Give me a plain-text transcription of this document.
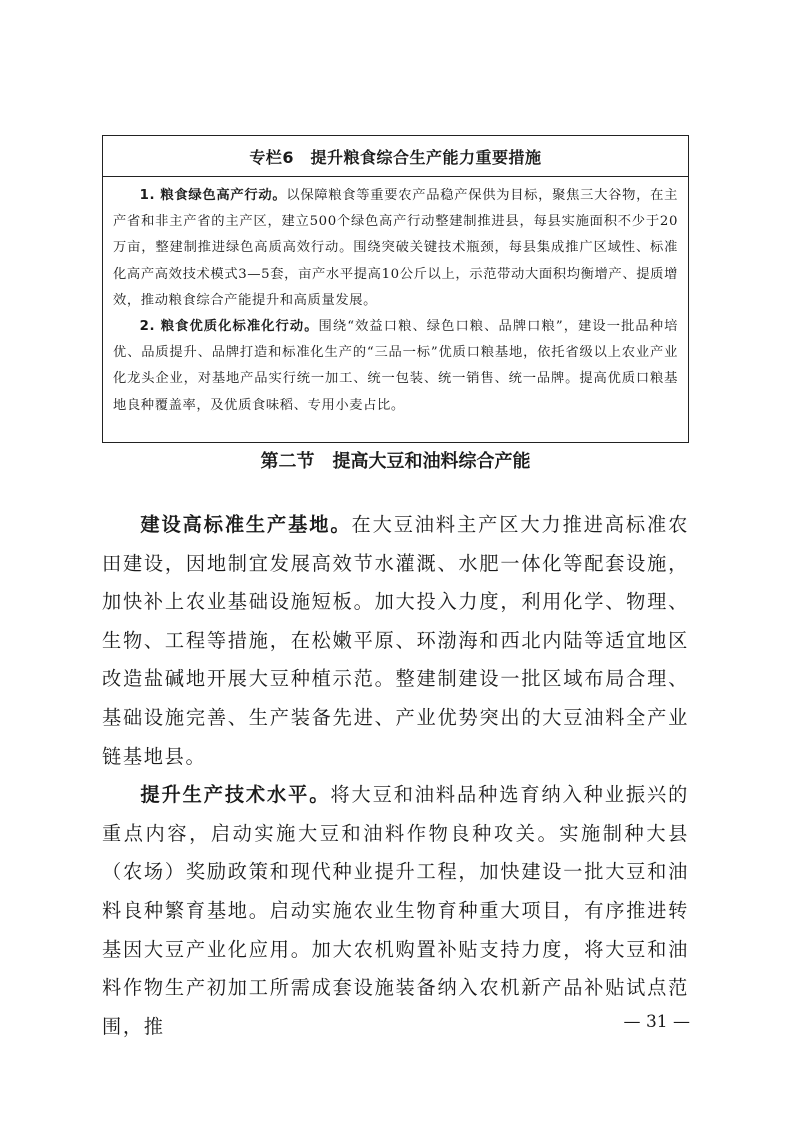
专栏6　提升粮食综合生产能力重要措施

1. 粮食绿色高产行动。以保障粮食等重要农产品稳产保供为目标，聚焦三大谷物，在主产省和非主产省的主产区，建立500个绿色高产行动整建制推进县，每县实施面积不少于20万亩，整建制推进绿色高质高效行动。围绕突破关键技术瓶颈，每县集成推广区域性、标准化高产高效技术模式3—5套，亩产水平提高10公斤以上，示范带动大面积均衡增产、提质增效，推动粮食综合产能提升和高质量发展。

2. 粮食优质化标准化行动。围绕“效益口粮、绿色口粮、品牌口粮”，建设一批品种培优、品质提升、品牌打造和标准化生产的“三品一标”优质口粮基地，依托省级以上农业产业化龙头企业，对基地产品实行统一加工、统一包装、统一销售、统一品牌。提高优质口粮基地良种覆盖率，及优质食味稻、专用小麦占比。

第二节　提高大豆和油料综合产能

建设高标准生产基地。在大豆油料主产区大力推进高标准农田建设，因地制宜发展高效节水灌溉、水肥一体化等配套设施，加快补上农业基础设施短板。加大投入力度，利用化学、物理、生物、工程等措施，在松嫩平原、环渤海和西北内陆等适宜地区改造盐碱地开展大豆种植示范。整建制建设一批区域布局合理、基础设施完善、生产装备先进、产业优势突出的大豆油料全产业链基地县。

提升生产技术水平。将大豆和油料品种选育纳入种业振兴的重点内容，启动实施大豆和油料作物良种攻关。实施制种大县（农场）奖励政策和现代种业提升工程，加快建设一批大豆和油料良种繁育基地。启动实施农业生物育种重大项目，有序推进转基因大豆产业化应用。加大农机购置补贴支持力度，将大豆和油料作物生产初加工所需成套设施装备纳入农机新产品补贴试点范围，推	— 31 —
